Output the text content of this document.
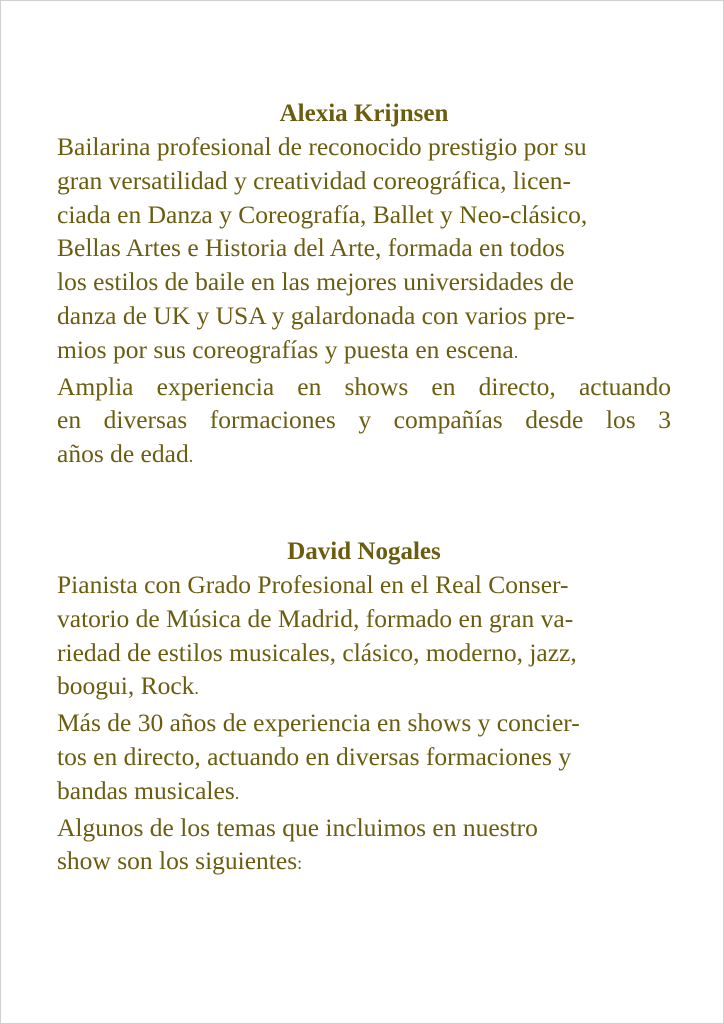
Alexia Krijnsen

Bailarina profesional de reconocido prestigio por su

gran versatilidad y creatividad coreográfica, licen-

ciada en Danza y Coreografía, Ballet y Neo-clásico,

Bellas Artes e Historia del Arte, formada en todos

los estilos de baile en las mejores universidades de

danza de UK y USA y galardonada con varios pre-

mios por sus coreografías y puesta en escena.

Amplia experiencia en shows en directo, actuando

en diversas formaciones y compañías desde los 3

años de edad.

David Nogales

Pianista con Grado Profesional en el Real Conser-

vatorio de Música de Madrid, formado en gran va-

riedad de estilos musicales, clásico, moderno, jazz,

boogui, Rock.

Más de 30 años de experiencia en shows y concier-

tos en directo, actuando en diversas formaciones y

bandas musicales.

Algunos de los temas que incluimos en nuestro

show son los siguientes:
